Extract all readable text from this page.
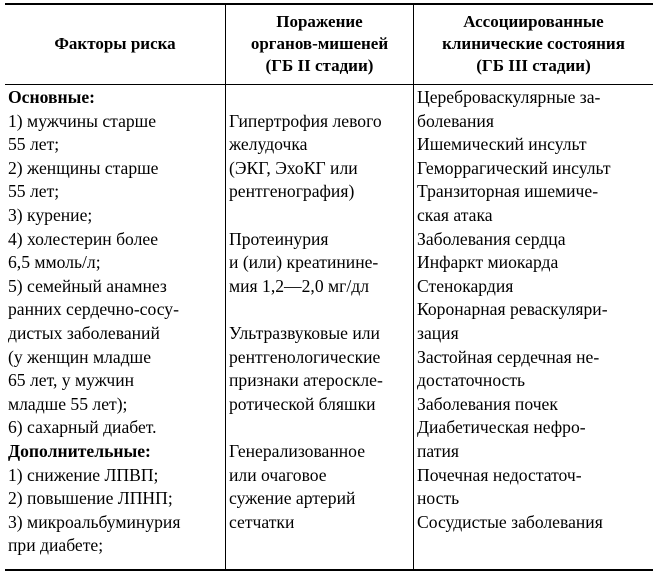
Факторы риска
Поражение
органов-мишеней
(ГБ II стадии)
Ассоциированные
клинические состояния
(ГБ III стадии)
Основные:
1) мужчины старше
55 лет;
2) женщины старше
55 лет;
3) курение;
4) холестерин более
6,5 ммоль/л;
5) семейный анамнез
ранних сердечно-сосу-
дистых заболеваний
(у женщин младше
65 лет, у мужчин
младше 55 лет);
6) сахарный диабет.
Дополнительные:
1) снижение ЛПВП;
2) повышение ЛПНП;
3) микроальбуминурия
при диабете;
Гипертрофия левого
желудочка
(ЭКГ, ЭхоКГ или
рентгенография)
Протеинурия
и (или) креатинине-
мия 1,2—2,0 мг/дл
Ультразвуковые или
рентгенологические
признаки атероскле-
ротической бляшки
Генерализованное
или очаговое
сужение артерий
сетчатки
Цереброваскулярные за-
болевания
Ишемический инсульт
Геморрагический инсульт
Транзиторная ишемиче-
ская атака
Заболевания сердца
Инфаркт миокарда
Стенокардия
Коронарная реваскуляри-
зация
Застойная сердечная не-
достаточность
Заболевания почек
Диабетическая нефро-
патия
Почечная недостаточ-
ность
Сосудистые заболевания
